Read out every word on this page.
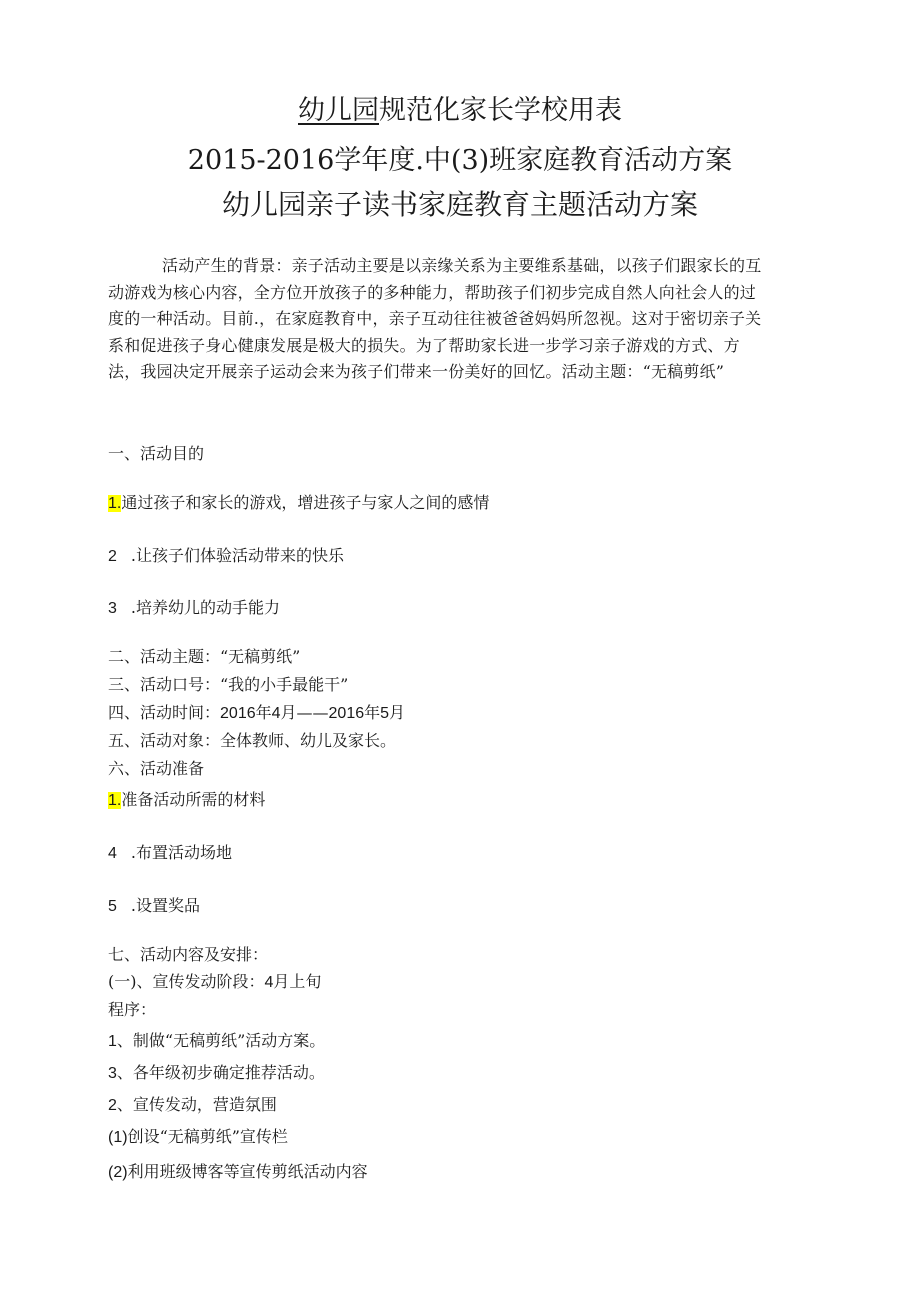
幼儿园规范化家长学校用表
2015-2016学年度.中(3)班家庭教育活动方案
幼儿园亲子读书家庭教育主题活动方案
活动产生的背景：亲子活动主要是以亲缘关系为主要维系基础，以孩子们跟家长的互动游戏为核心内容，全方位开放孩子的多种能力，帮助孩子们初步完成自然人向社会人的过度的一种活动。目前.，在家庭教育中，亲子互动往往被爸爸妈妈所忽视。这对于密切亲子关系和促进孩子身心健康发展是极大的损失。为了帮助家长进一步学习亲子游戏的方式、方法，我园决定开展亲子运动会来为孩子们带来一份美好的回忆。活动主题：“无稿剪纸”
一、活动目的
1.通过孩子和家长的游戏，增进孩子与家人之间的感情
2 .让孩子们体验活动带来的快乐
3 .培养幼儿的动手能力
二、活动主题：“无稿剪纸”
三、活动口号：“我的小手最能干”
四、活动时间：2016年4月——2016年5月
五、活动对象：全体教师、幼儿及家长。
六、活动准备
1.准备活动所需的材料
4 .布置活动场地
5 .设置奖品
七、活动内容及安排：
(一)、宣传发动阶段：4月上旬
程序：
1、制做“无稿剪纸”活动方案。
3、各年级初步确定推荐活动。
2、宣传发动，营造氛围
(1)创设“无稿剪纸”宣传栏
(2)利用班级博客等宣传剪纸活动内容
